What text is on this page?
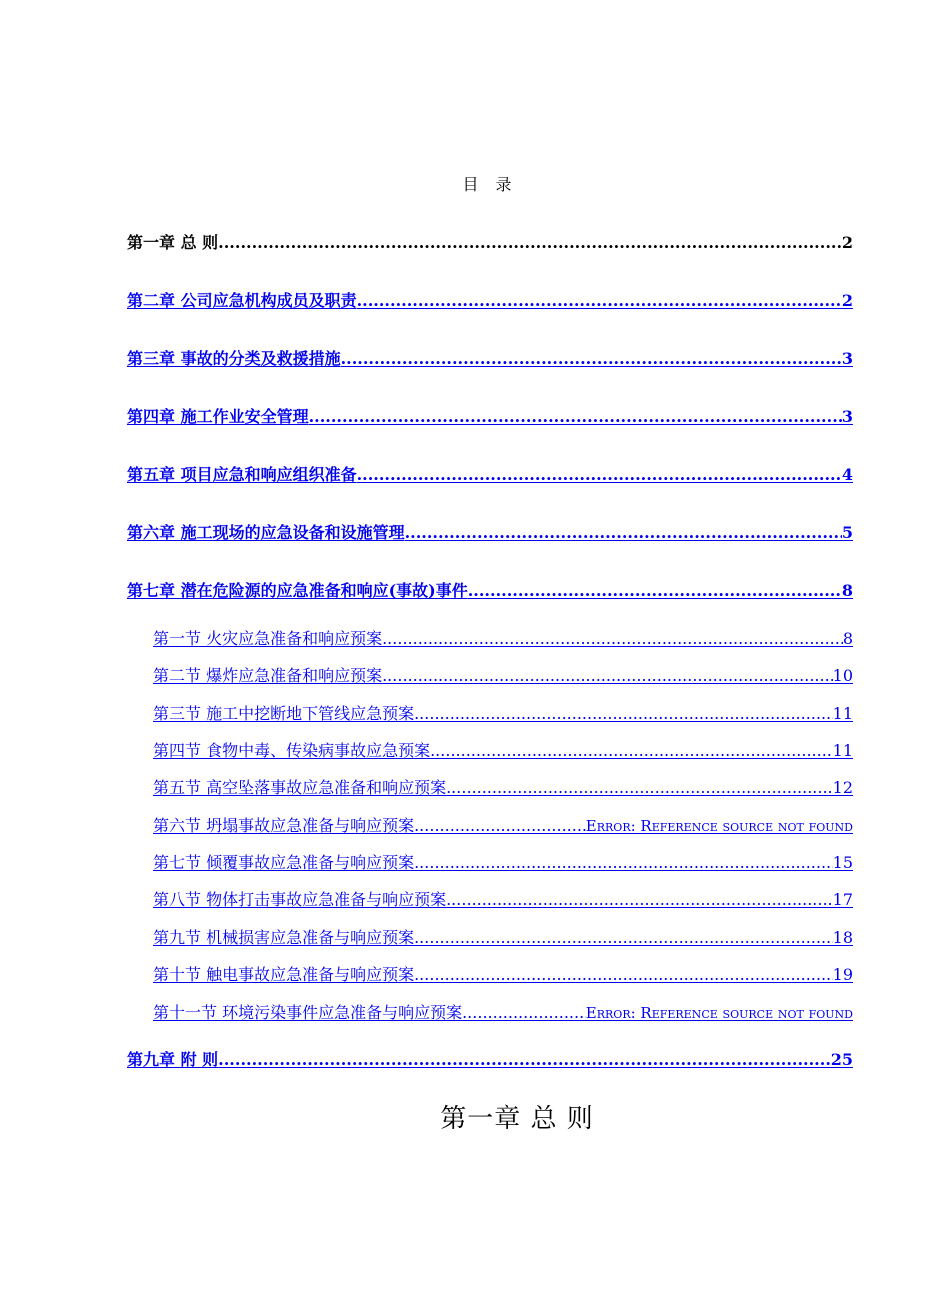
目 录
第一章 总 则 .....	2
第二章 公司应急机构成员及职责 .....	2
第三章 事故的分类及救援措施 .....	3
第四章 施工作业安全管理 .....	3
第五章 项目应急和响应组织准备 .....	4
第六章 施工现场的应急设备和设施管理 .....	5
第七章 潜在危险源的应急准备和响应(事故)事件 .....	8
第一节 火灾应急准备和响应预案 .....	8
第二节 爆炸应急准备和响应预案 .....	10
第三节 施工中挖断地下管线应急预案 .....	11
第四节 食物中毒、传染病事故应急预案 .....	11
第五节 高空坠落事故应急准备和响应预案 .....	12
第六节 坍塌事故应急准备与响应预案 .....	Error: Reference source not found
第七节 倾覆事故应急准备与响应预案 .....	15
第八节 物体打击事故应急准备与响应预案 .....	17
第九节 机械损害应急准备与响应预案 .....	18
第十节 触电事故应急准备与响应预案 .....	19
第十一节 环境污染事件应急准备与响应预案 .....	Error: Reference source not found
第九章 附 则 .....	25
第一章 总 则
